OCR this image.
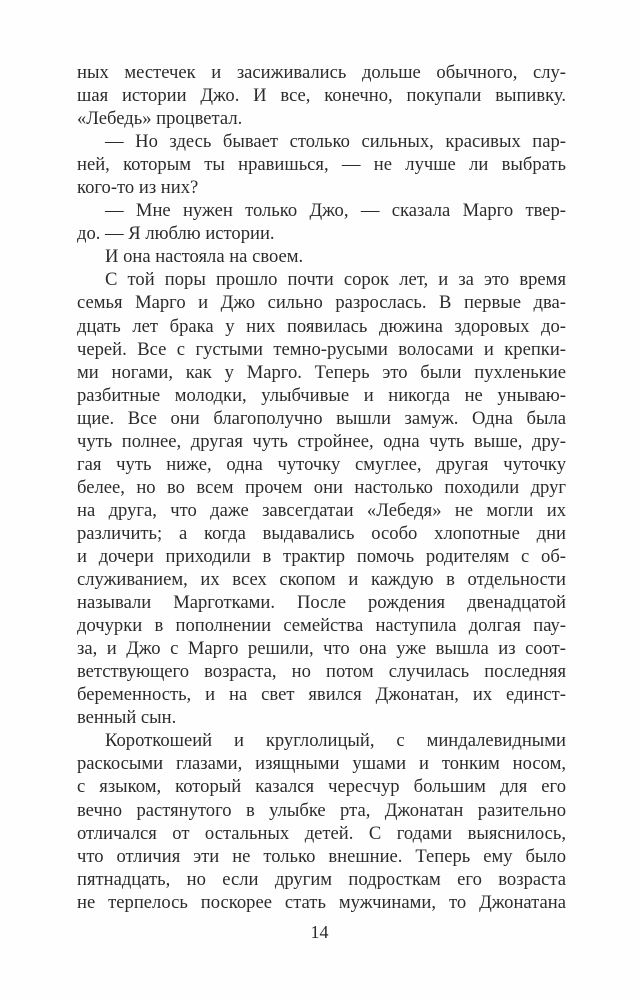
ных местечек и засиживались дольше обычного, слу-
шая истории Джо. И все, конечно, покупали выпивку.
«Лебедь» процветал.
— Но здесь бывает столько сильных, красивых пар-
ней, которым ты нравишься, — не лучше ли выбрать
кого-то из них?
— Мне нужен только Джо, — сказала Марго твер-
до. — Я люблю истории.
И она настояла на своем.
С той поры прошло почти сорок лет, и за это время
семья Марго и Джо сильно разрослась. В первые два-
дцать лет брака у них появилась дюжина здоровых до-
черей. Все с густыми темно-русыми волосами и крепки-
ми ногами, как у Марго. Теперь это были пухленькие
разбитные молодки, улыбчивые и никогда не унываю-
щие. Все они благополучно вышли замуж. Одна была
чуть полнее, другая чуть стройнее, одна чуть выше, дру-
гая чуть ниже, одна чуточку смуглее, другая чуточку
белее, но во всем прочем они настолько походили друг
на друга, что даже завсегдатаи «Лебедя» не могли их
различить; а когда выдавались особо хлопотные дни
и дочери приходили в трактир помочь родителям с об-
служиванием, их всех скопом и каждую в отдельности
называли Марготками. После рождения двенадцатой
дочурки в пополнении семейства наступила долгая пау-
за, и Джо с Марго решили, что она уже вышла из соот-
ветствующего возраста, но потом случилась последняя
беременность, и на свет явился Джонатан, их единст-
венный сын.
Короткошеий и круглолицый, с миндалевидными
раскосыми глазами, изящными ушами и тонким носом,
с языком, который казался чересчур большим для его
вечно растянутого в улыбке рта, Джонатан разительно
отличался от остальных детей. С годами выяснилось,
что отличия эти не только внешние. Теперь ему было
пятнадцать, но если другим подросткам его возраста
не терпелось поскорее стать мужчинами, то Джонатана
14
